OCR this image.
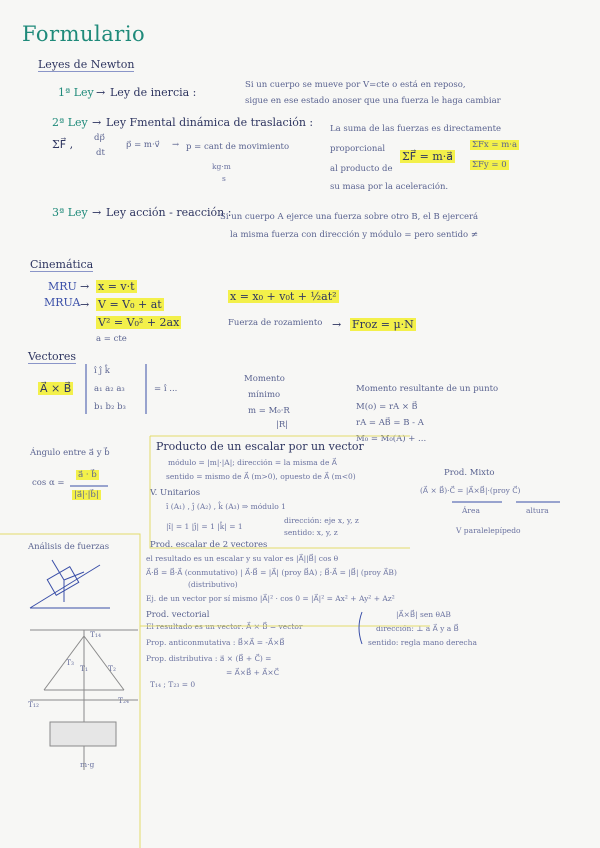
Formulario
Leyes de Newton
1ª Ley → Ley de inercia :
Si un cuerpo se mueve por V=cte o está en reposo,
sigue en ese estado anoser que una fuerza le haga cambiar
2ª Ley → Ley Fmental dinámica de traslación : La suma de las fuerzas es directamente
ΣF⃗ , dp⃗
dt
p⃗ = m·v⃗ → p = cant de movimiento
kg·m
s
proporcional
al producto de
su masa por la aceleración.
ΣF⃗ = m·a⃗
ΣFx = m·a
ΣFy = 0
3ª Ley → Ley acción - reacción :
Si un cuerpo A ejerce una fuerza sobre otro B, el B ejercerá
la misma fuerza con dirección y módulo = pero sentido ≠
Cinemática
MRU → x = v·t
MRUA → V = V₀ + at
x = x₀ + v₀t + ½at²
V² = V₀² + 2ax
a = cte
Fuerza de rozamiento → Froz = μ·N
Vectores
A⃗ × B⃗
î ĵ k̂
a₁ a₂ a₃
b₁ b₂ b₃
= î ...
Momento
mínimo
m = M₀·R
|R|
Momento resultante de un punto
M(o) = rA × B⃗
rA = AB⃗ = B - A
M₀ = M₀(A) + ...
Ángulo entre a⃗ y b⃗
cos α =
a⃗ · b⃗
|a⃗|·|b⃗|
Producto de un escalar por un vector
módulo = |m|·|A|; dirección = la misma de A⃗
sentido = mismo de A⃗ (m>0), opuesto de A⃗ (m<0)
V. Unitarios
î (A₁) , ĵ (A₂) , k̂ (A₃) ⇒ módulo 1
dirección: eje x, y, z
sentido: x, y, z
|î| = 1 |ĵ| = 1 |k̂| = 1
Prod. Mixto
(A⃗ × B⃗)·C⃗ = |A⃗×B⃗|·(proy C⃗)
Área	altura
V paralelepípedo
Análisis de fuerzas	Prod. escalar de 2 vectores
el resultado es un escalar y su valor es |A⃗||B⃗| cos θ
A⃗·B⃗ = B⃗·A⃗ (conmutativo) | A⃗·B⃗ = |A⃗| (proy B⃗A) ; B⃗·A⃗ = |B⃗| (proy A⃗B)
(distributivo)
Ej. de un vector por sí mismo |A⃗|² · cos 0 = |A⃗|² = Ax² + Ay² + Az²
Prod. vectorial
El resultado es un vector: A⃗ × B⃗ = vector
|A⃗×B⃗| sen θAB
dirección: ⊥ a A⃗ y a B⃗
sentido: regla mano derecha
Prop. anticonmutativa : B⃗×A⃗ = -A⃗×B⃗
Prop. distributiva : a⃗ × (B⃗ + C⃗) =
= A⃗×B⃗ + A⃗×C⃗
T₁₄
T₁	T₂
T₃
T₁₂	T₂₄
T₁₄ ; T₂₃ = 0
m·g
